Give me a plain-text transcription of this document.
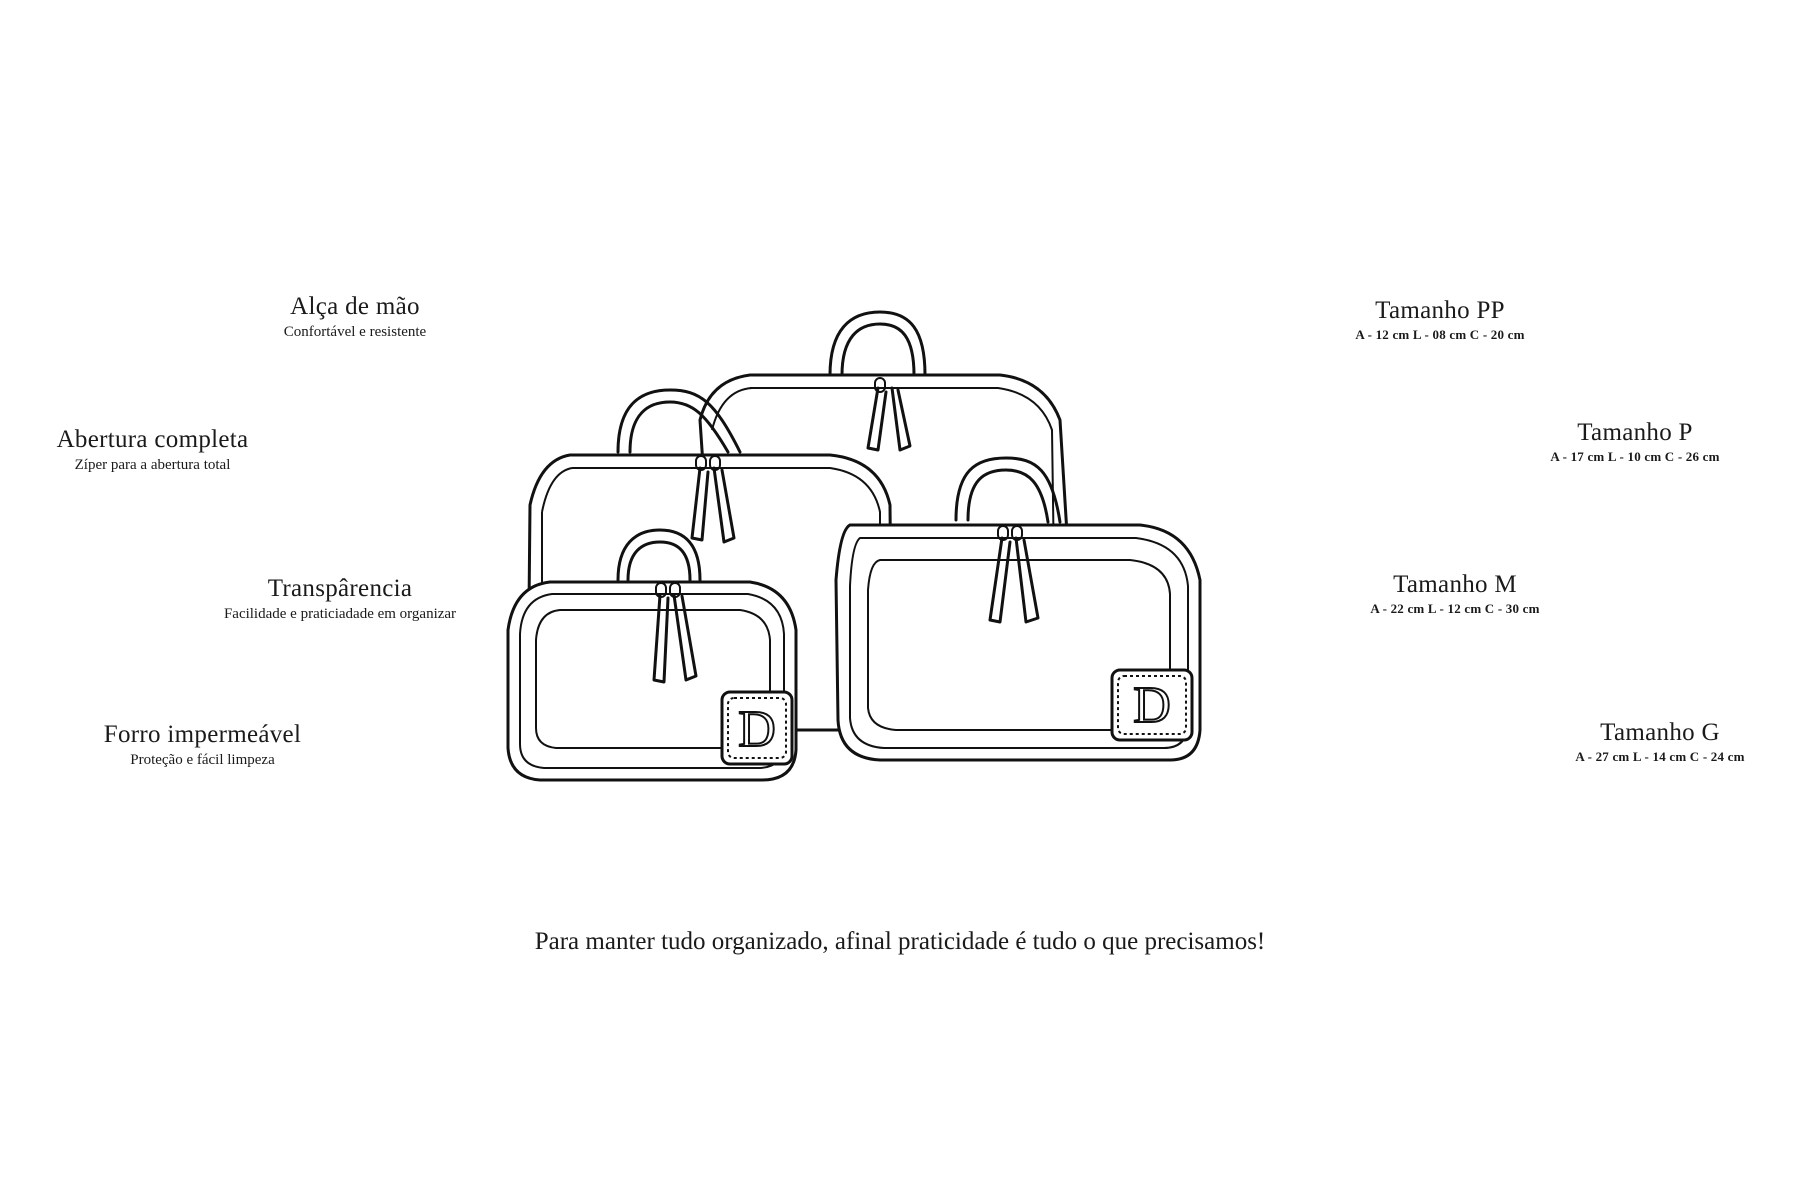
Alça de mão
Confortável e resistente
Abertura completa
Zíper para a abertura total
Transpârencia
Facilidade e praticiadade em organizar
Forro impermeável
Proteção e fácil limpeza
Tamanho PP
A - 12 cm L - 08 cm C - 20 cm
Tamanho P
A - 17 cm L - 10 cm C - 26 cm
Tamanho M
A - 22 cm L - 12 cm C - 30 cm
Tamanho G
A - 27 cm L - 14 cm C - 24 cm
D
D
Para manter tudo organizado, afinal praticidade é tudo o que precisamos!
